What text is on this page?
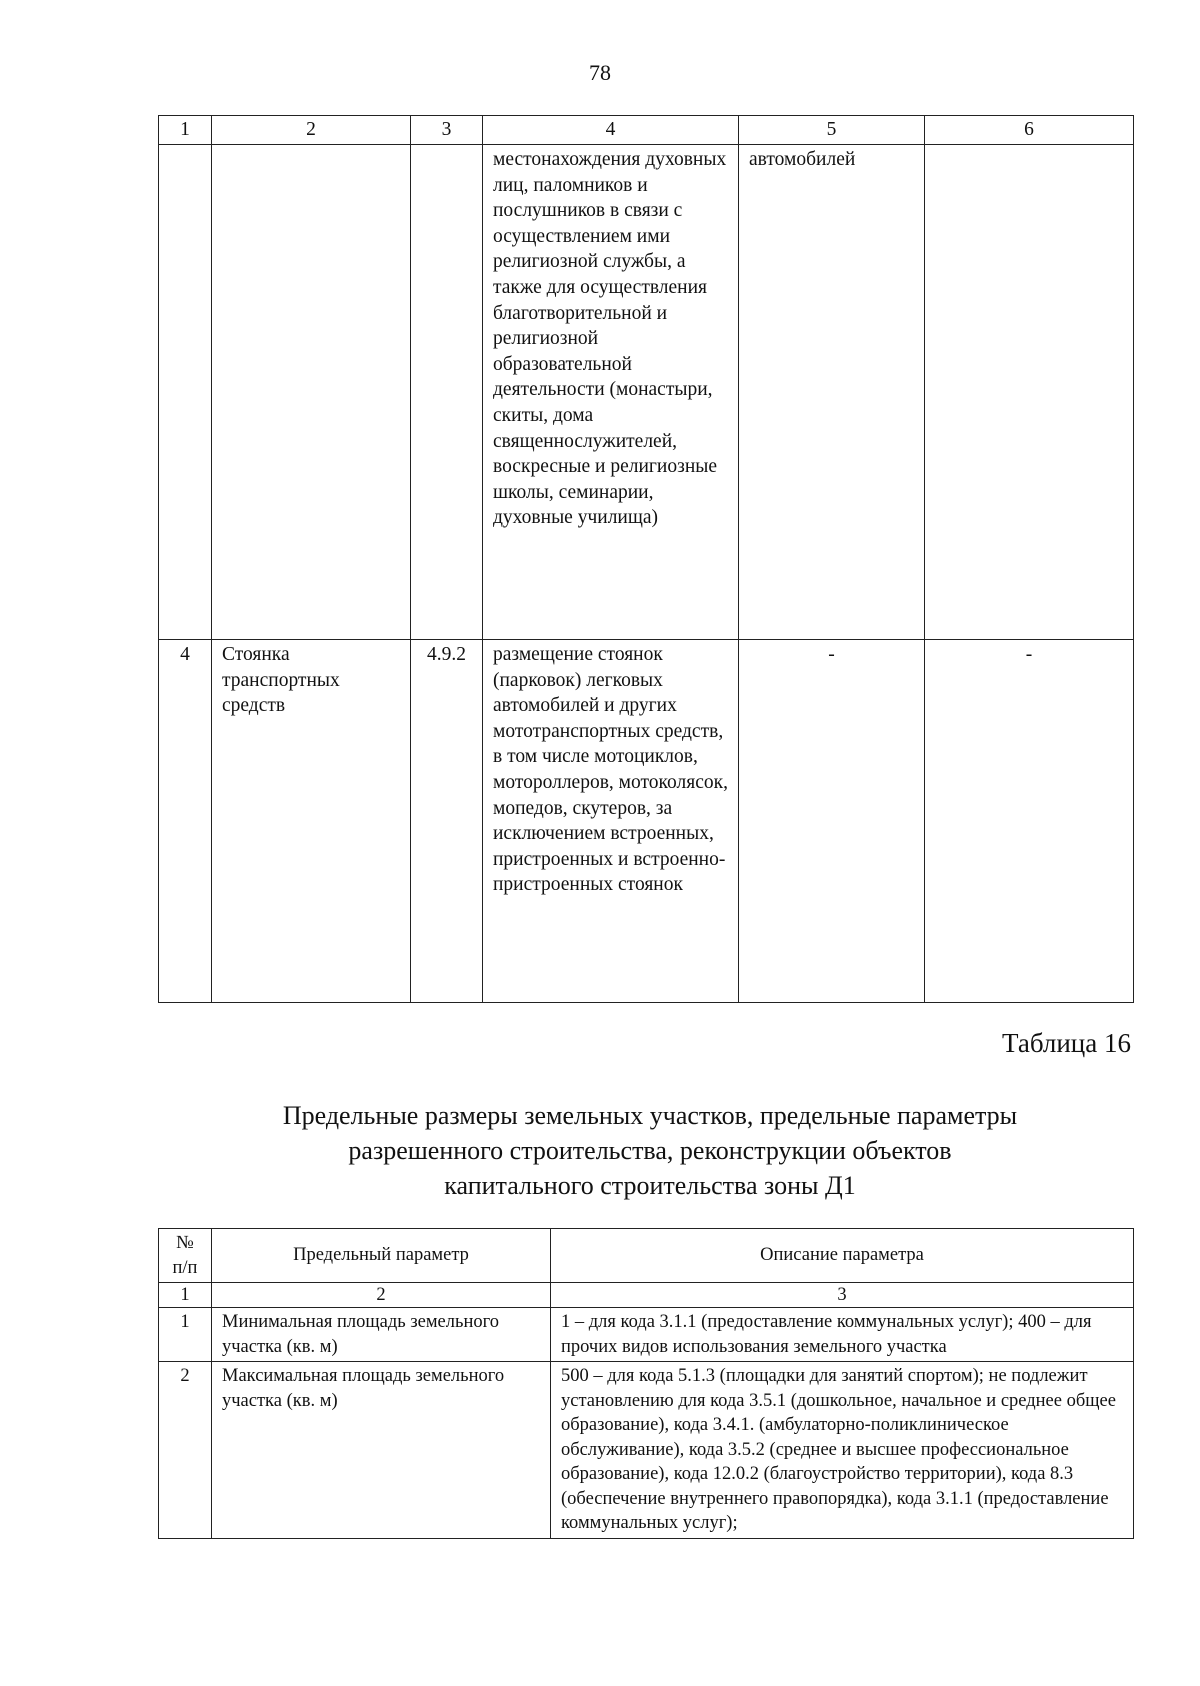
78
1	2	3	4	5	6
			местонахождения духовных лиц, паломников и послушников в связи с осуществлением ими религиозной службы, а также для осуществления благотворительной и религиозной образовательной деятельности (монастыри, скиты, дома священнослужителей, воскресные и религиозные школы, семинарии, духовные училища)	автомобилей	
4	Стоянка транспортных средств	4.9.2	размещение стоянок (парковок) легковых автомобилей и других мототранспортных средств, в том числе мотоциклов, мотороллеров, мотоколясок, мопедов, скутеров, за исключением встроенных, пристроенных и встроенно-пристроенных стоянок	-	-
Таблица 16
Предельные размеры земельных участков, предельные параметры
разрешенного строительства, реконструкции объектов
капитального строительства зоны Д1
№ п/п	Предельный параметр	Описание параметра
1	2	3
1	Минимальная площадь земельного участка (кв. м)	1 – для кода 3.1.1 (предоставление коммунальных услуг); 400 – для прочих видов использования земельного участка
2	Максимальная площадь земельного участка (кв. м)	500 – для кода 5.1.3 (площадки для занятий спортом); не подлежит установлению для кода 3.5.1 (дошкольное, начальное и среднее общее образование), кода 3.4.1. (амбулаторно-поликлиническое обслуживание), кода 3.5.2 (среднее и высшее профессиональное образование), кода 12.0.2 (благоустройство территории), кода 8.3 (обеспечение внутреннего правопорядка), кода 3.1.1 (предоставление коммунальных услуг);
